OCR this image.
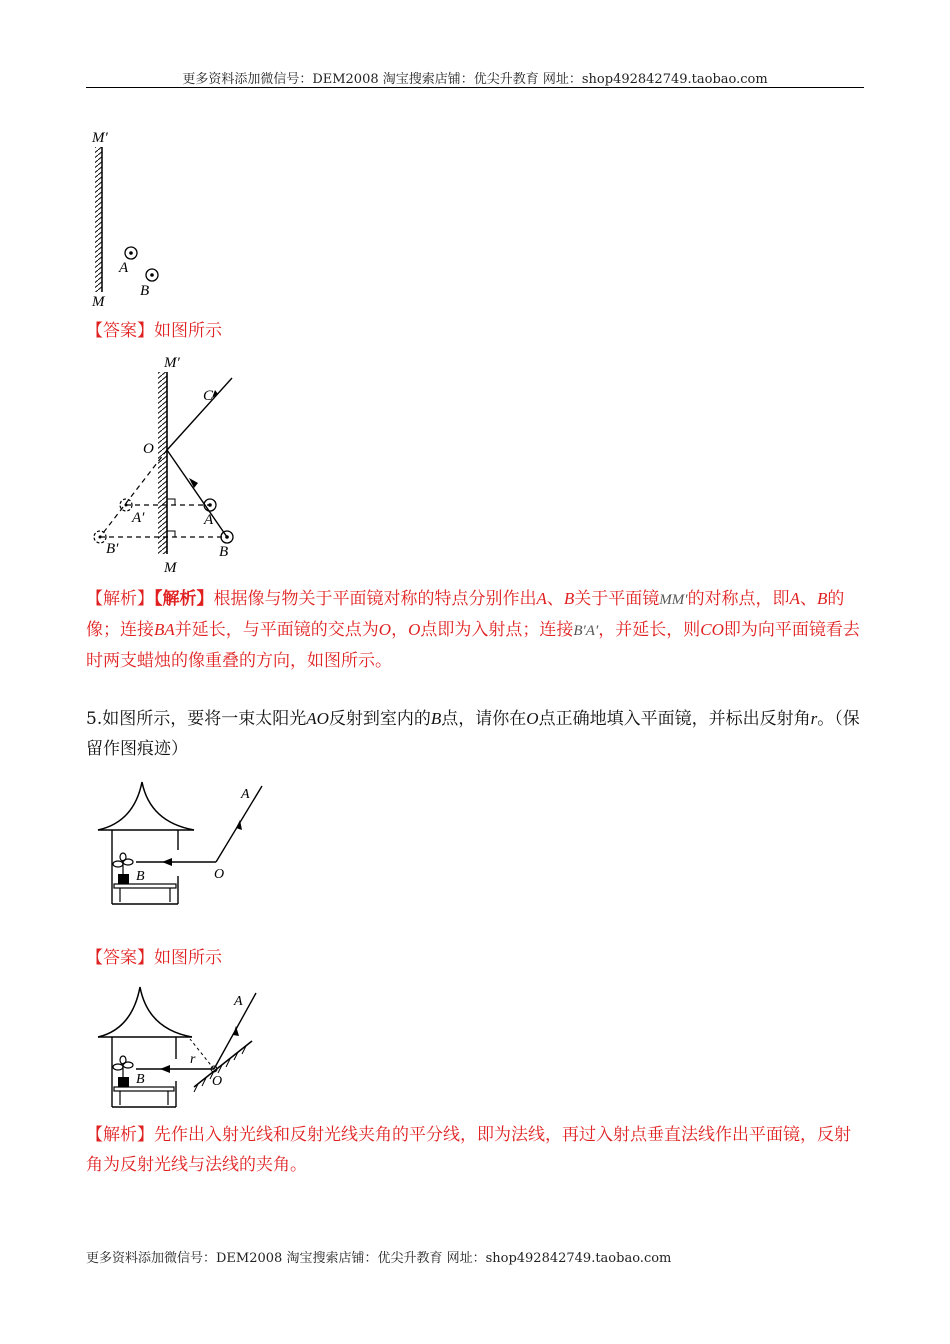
更多资料添加微信号：DEM2008 淘宝搜索店铺：优尖升教育 网址：shop492842749.taobao.com
M′
M
A
B
【答案】如图所示
M′
M
O
C
A
B
A′
B′
【解析】【解析】根据像与物关于平面镜对称的特点分别作出A、B关于平面镜MM′的对称点，即A、B的像；连接BA并延长，与平面镜的交点为O，O点即为入射点；连接B′A′，并延长，则CO即为向平面镜看去时两支蜡烛的像重叠的方向，如图所示。
5.如图所示，要将一束太阳光AO反射到室内的B点，请你在O点正确地填入平面镜，并标出反射角r。（保留作图痕迹）
B
A
O
【答案】如图所示
B
A
r
O
【解析】先作出入射光线和反射光线夹角的平分线，即为法线，再过入射点垂直法线作出平面镜，反射角为反射光线与法线的夹角。
更多资料添加微信号：DEM2008 淘宝搜索店铺：优尖升教育 网址：shop492842749.taobao.com
